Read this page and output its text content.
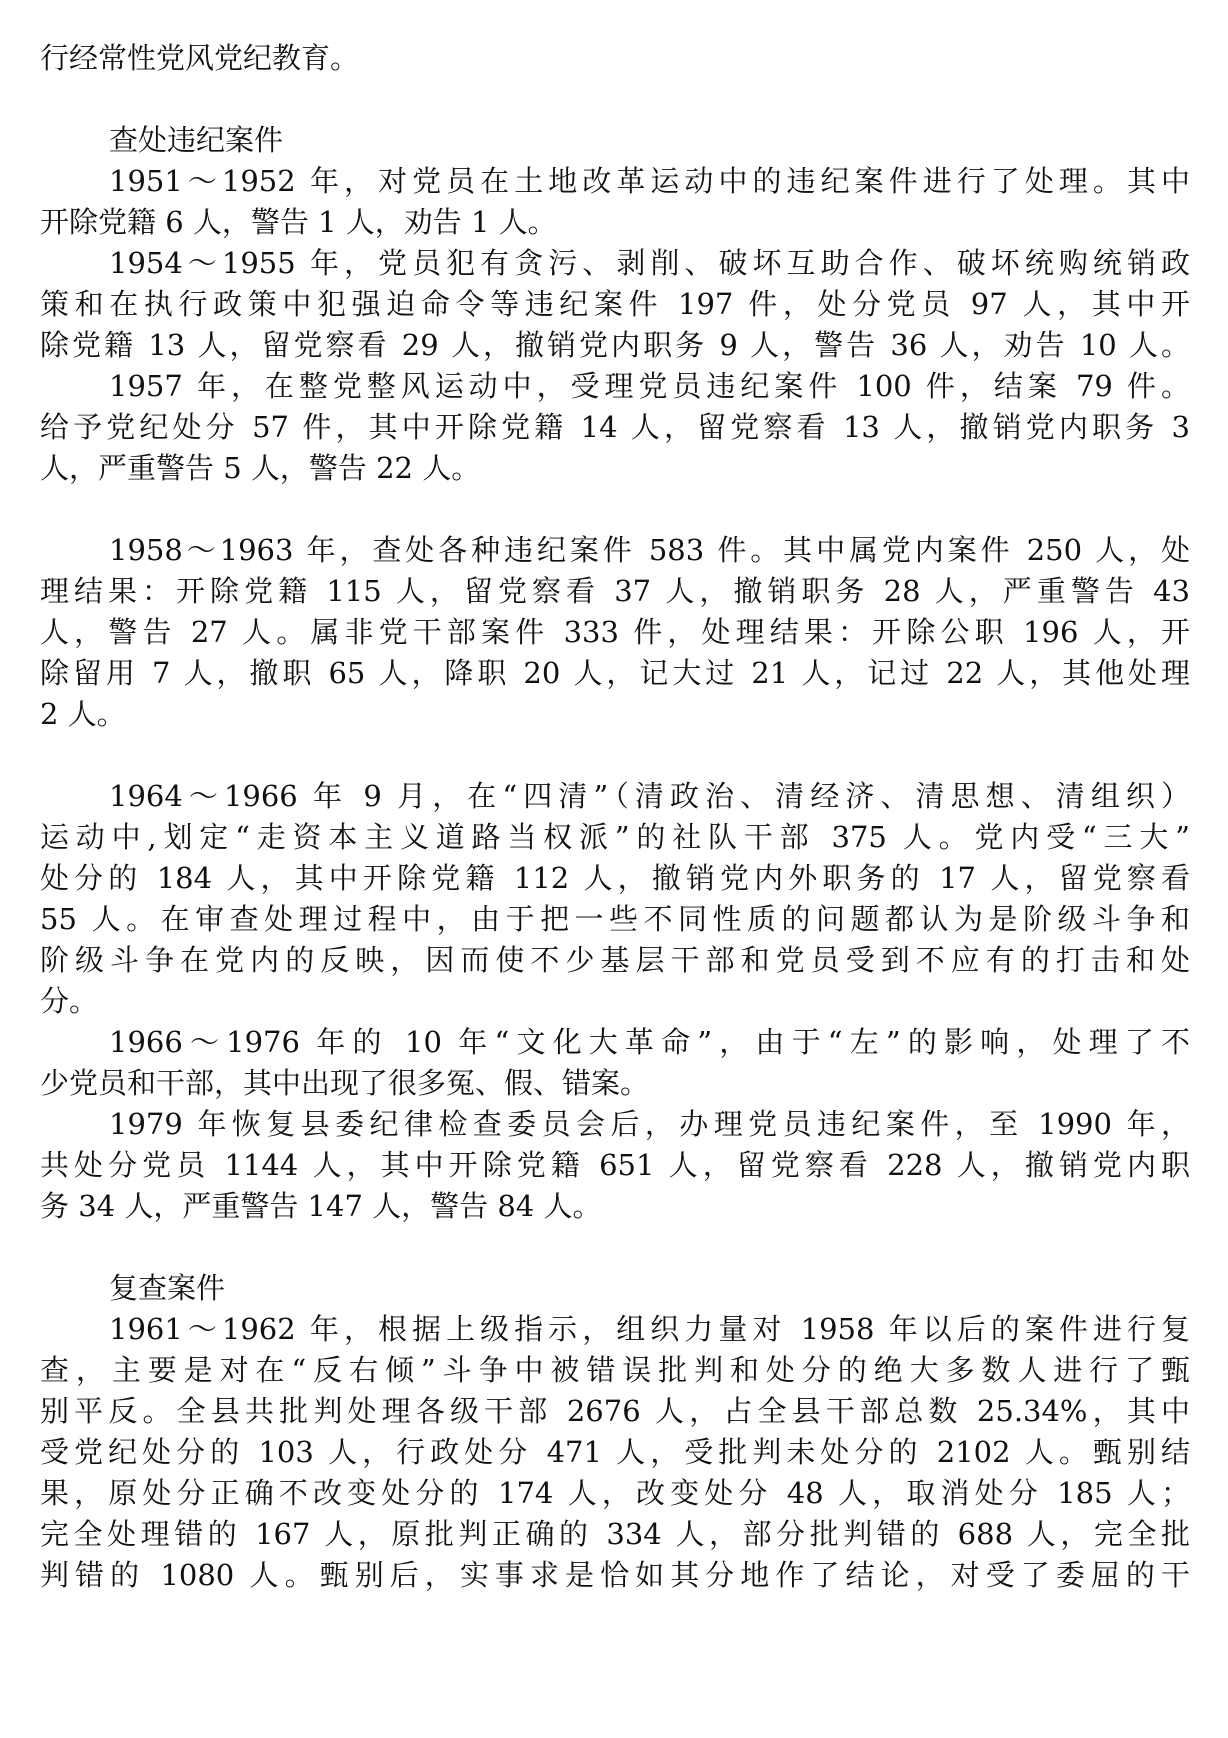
行经常性党风党纪教育。
查处违纪案件
1951～1952 年，对党员在土地改革运动中的违纪案件进行了处理。其中
开除党籍 6 人，警告 1 人，劝告 1 人。
1954～1955 年，党员犯有贪污、剥削、破坏互助合作、破坏统购统销政
策和在执行政策中犯强迫命令等违纪案件 197 件，处分党员 97 人，其中开
除党籍 13 人，留党察看 29 人，撤销党内职务 9 人，警告 36 人，劝告 10 人。
1957 年，在整党整风运动中，受理党员违纪案件 100 件，结案 79 件。
给予党纪处分 57 件，其中开除党籍 14 人，留党察看 13 人，撤销党内职务 3
人，严重警告 5 人，警告 22 人。
1958～1963 年，查处各种违纪案件 583 件。其中属党内案件 250 人，处
理结果：开除党籍 115 人，留党察看 37 人，撤销职务 28 人，严重警告 43
人，警告 27 人。属非党干部案件 333 件，处理结果：开除公职 196 人，开
除留用 7 人，撤职 65 人，降职 20 人，记大过 21 人，记过 22 人，其他处理
2 人。
1964～1966 年 9 月，在“四清”（清政治、清经济、清思想、清组织）
运动中,划定“走资本主义道路当权派”的社队干部 375 人。党内受“三大”
处分的 184 人，其中开除党籍 112 人，撤销党内外职务的 17 人，留党察看
55 人。在审查处理过程中，由于把一些不同性质的问题都认为是阶级斗争和
阶级斗争在党内的反映，因而使不少基层干部和党员受到不应有的打击和处
分。
1966～1976 年的 10 年“文化大革命”，由于“左”的影响，处理了不
少党员和干部，其中出现了很多冤、假、错案。
1979 年恢复县委纪律检查委员会后，办理党员违纪案件，至 1990 年，
共处分党员 1144 人，其中开除党籍 651 人，留党察看 228 人，撤销党内职
务 34 人，严重警告 147 人，警告 84 人。
复查案件
1961～1962 年，根据上级指示，组织力量对 1958 年以后的案件进行复
查，主要是对在“反右倾”斗争中被错误批判和处分的绝大多数人进行了甄
别平反。全县共批判处理各级干部 2676 人，占全县干部总数 25.34%，其中
受党纪处分的 103 人，行政处分 471 人，受批判未处分的 2102 人。甄别结
果，原处分正确不改变处分的 174 人，改变处分 48 人，取消处分 185 人；
完全处理错的 167 人，原批判正确的 334 人，部分批判错的 688 人，完全批
判错的 1080 人。甄别后，实事求是恰如其分地作了结论，对受了委屈的干
